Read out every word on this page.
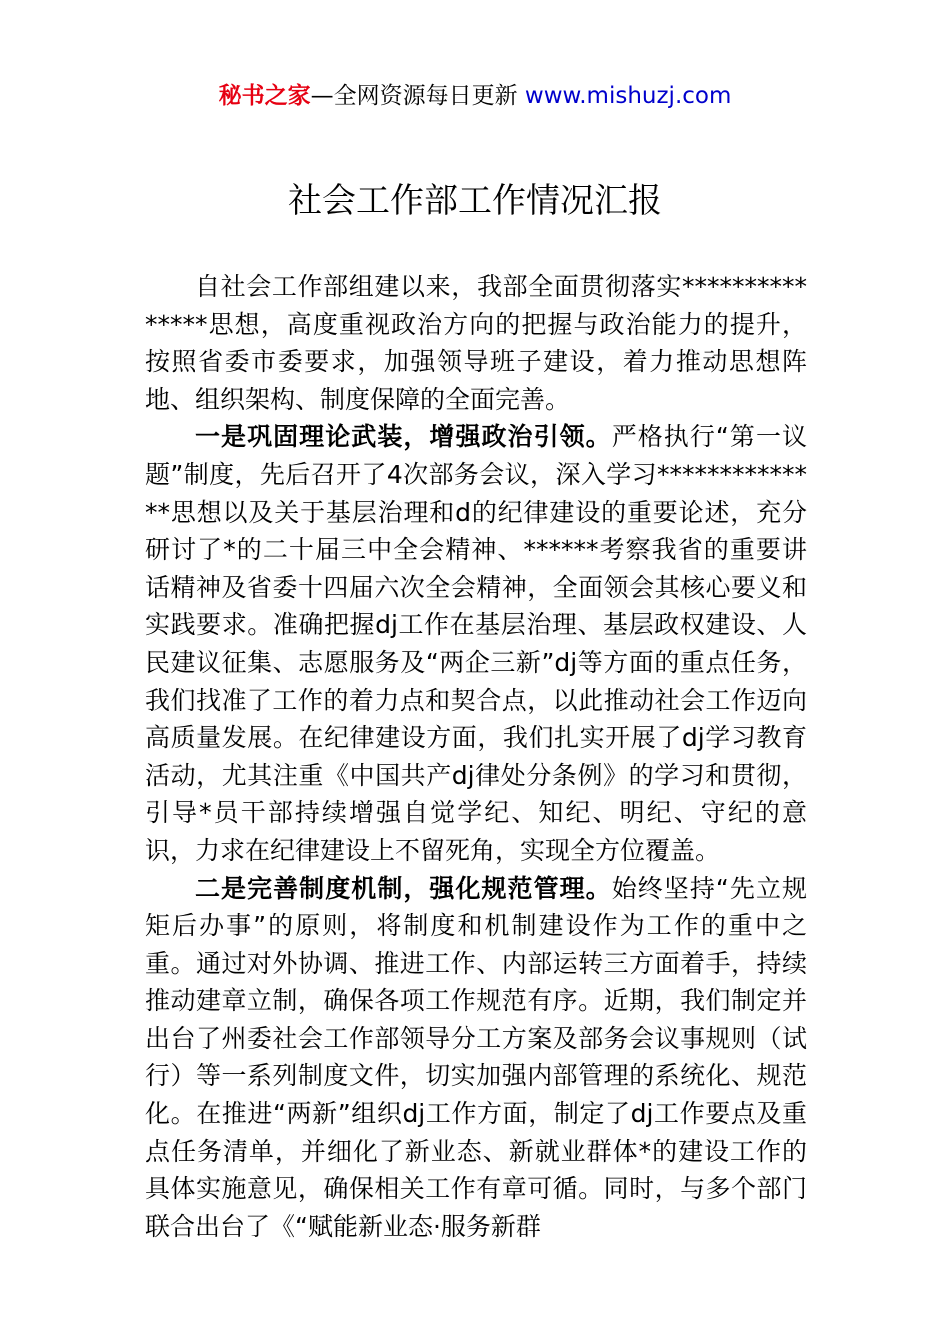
秘书之家—全网资源每日更新 www.mishuzj.com
社会工作部工作情况汇报

自社会工作部组建以来，我部全面贯彻落实***************思想，高度重视政治方向的把握与政治能力的提升，按照省委市委要求，加强领导班子建设，着力推动思想阵地、组织架构、制度保障的全面完善。

一是巩固理论武装，增强政治引领。严格执行“第一议题”制度，先后召开了4次部务会议，深入学习**************思想以及关于基层治理和d的纪律建设的重要论述，充分研讨了*的二十届三中全会精神、******考察我省的重要讲话精神及省委十四届六次全会精神，全面领会其核心要义和实践要求。准确把握dj工作在基层治理、基层政权建设、人民建议征集、志愿服务及“两企三新”dj等方面的重点任务，我们找准了工作的着力点和契合点，以此推动社会工作迈向高质量发展。在纪律建设方面，我们扎实开展了dj学习教育活动，尤其注重《中国共产dj律处分条例》的学习和贯彻，引导*员干部持续增强自觉学纪、知纪、明纪、守纪的意识，力求在纪律建设上不留死角，实现全方位覆盖。

二是完善制度机制，强化规范管理。始终坚持“先立规矩后办事”的原则，将制度和机制建设作为工作的重中之重。通过对外协调、推进工作、内部运转三方面着手，持续推动建章立制，确保各项工作规范有序。近期，我们制定并出台了州委社会工作部领导分工方案及部务会议事规则（试行）等一系列制度文件，切实加强内部管理的系统化、规范化。在推进“两新”组织dj工作方面，制定了dj工作要点及重点任务清单，并细化了新业态、新就业群体*的建设工作的具体实施意见，确保相关工作有章可循。同时，与多个部门联合出台了《“赋能新业态·服务新群
